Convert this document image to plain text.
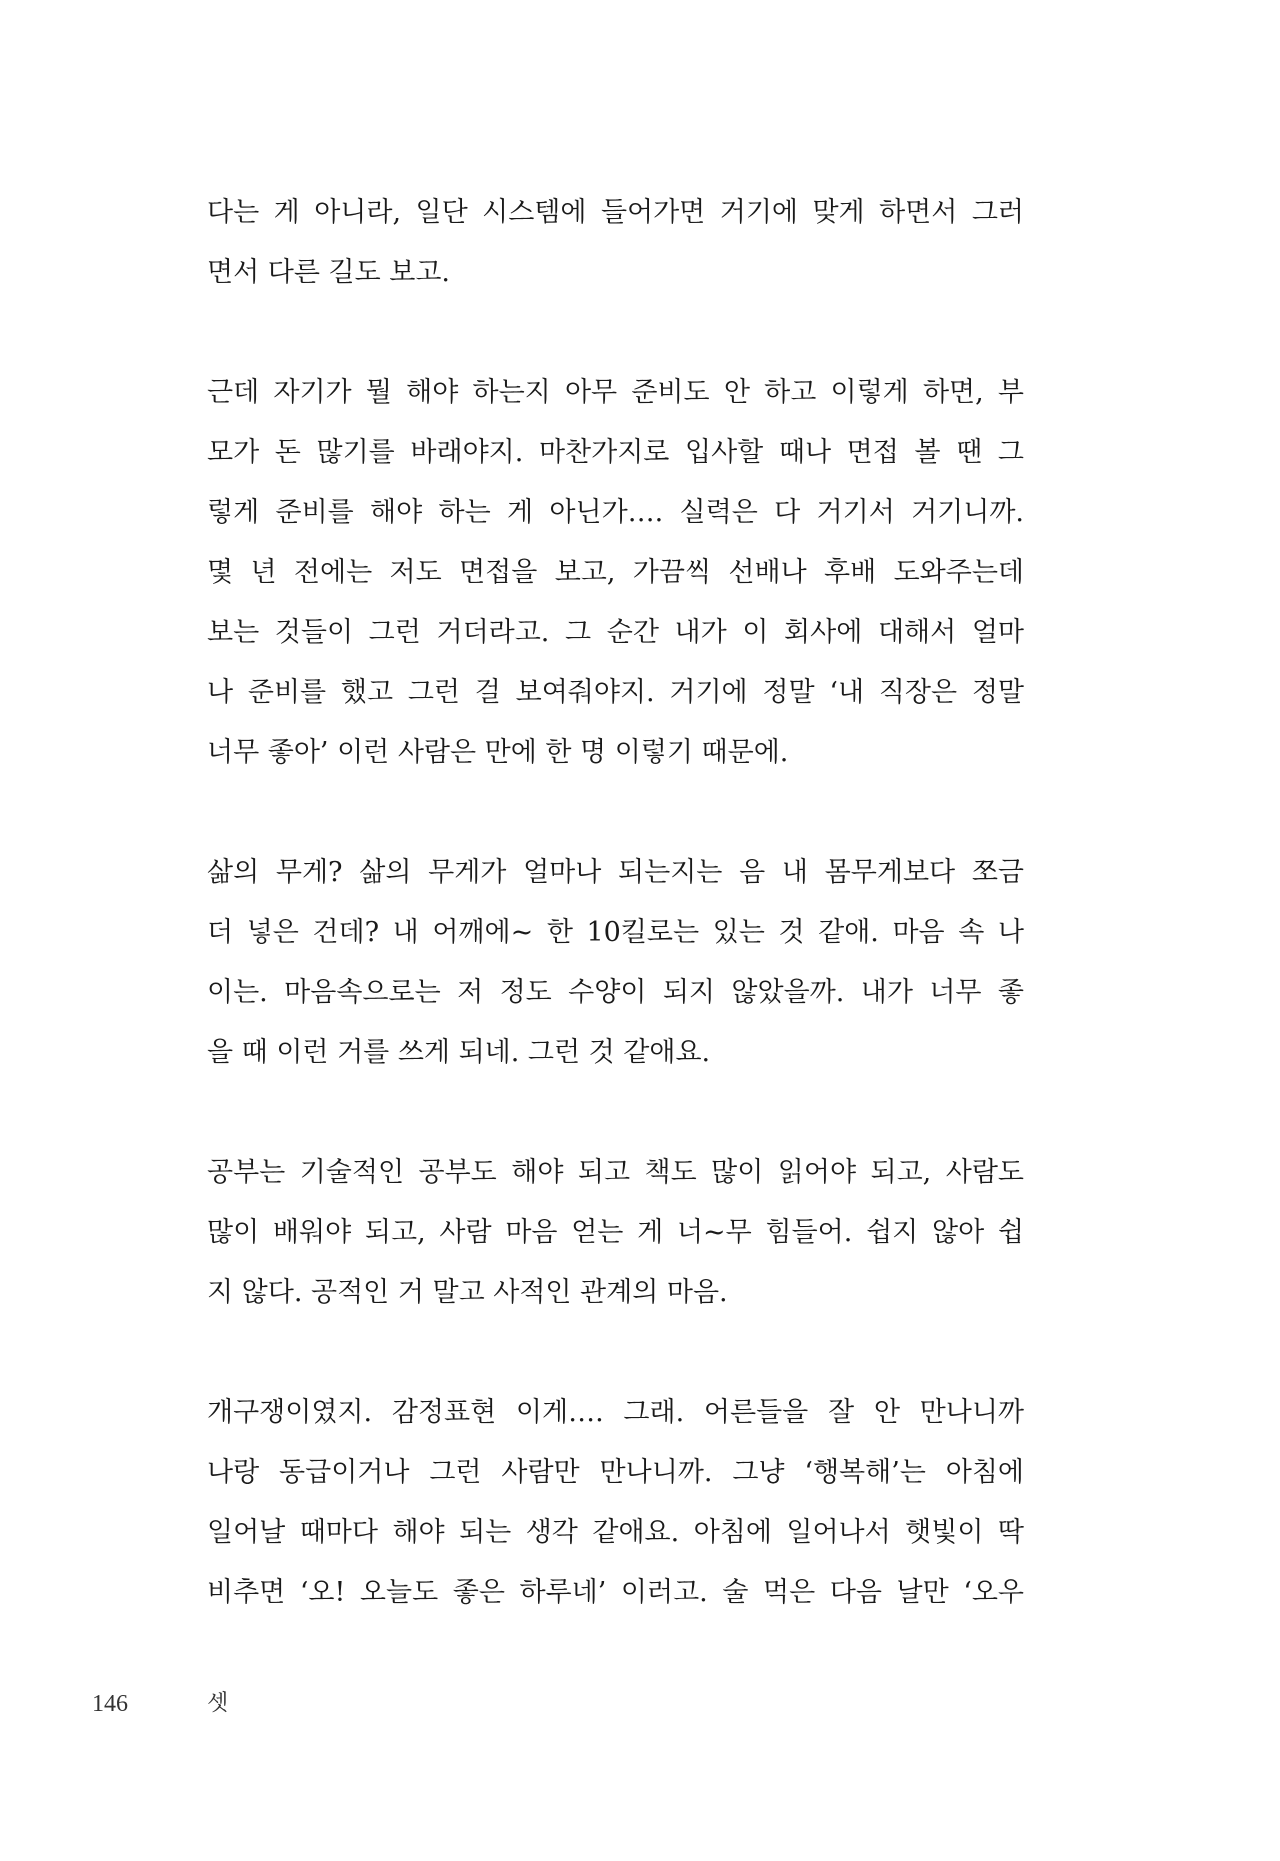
다는 게 아니라, 일단 시스템에 들어가면 거기에 맞게 하면서 그러
면서 다른 길도 보고.
근데 자기가 뭘 해야 하는지 아무 준비도 안 하고 이렇게 하면, 부
모가 돈 많기를 바래야지. 마찬가지로 입사할 때나 면접 볼 땐 그
렇게 준비를 해야 하는 게 아닌가…. 실력은 다 거기서 거기니까.
몇 년 전에는 저도 면접을 보고, 가끔씩 선배나 후배 도와주는데
보는 것들이 그런 거더라고. 그 순간 내가 이 회사에 대해서 얼마
나 준비를 했고 그런 걸 보여줘야지. 거기에 정말 ‘내 직장은 정말
너무 좋아’ 이런 사람은 만에 한 명 이렇기 때문에.
삶의 무게? 삶의 무게가 얼마나 되는지는 음 내 몸무게보다 쪼금
더 넣은 건데? 내 어깨에~ 한 10킬로는 있는 것 같애. 마음 속 나
이는. 마음속으로는 저 정도 수양이 되지 않았을까. 내가 너무 좋
을 때 이런 거를 쓰게 되네. 그런 것 같애요.
공부는 기술적인 공부도 해야 되고 책도 많이 읽어야 되고, 사람도
많이 배워야 되고, 사람 마음 얻는 게 너~무 힘들어. 쉽지 않아 쉽
지 않다. 공적인 거 말고 사적인 관계의 마음.
개구쟁이였지. 감정표현 이게…. 그래. 어른들을 잘 안 만나니까
나랑 동급이거나 그런 사람만 만나니까. 그냥 ‘행복해’는 아침에
일어날 때마다 해야 되는 생각 같애요. 아침에 일어나서 햇빛이 딱
비추면 ‘오! 오늘도 좋은 하루네’ 이러고. 술 먹은 다음 날만 ‘오우
146	셋
